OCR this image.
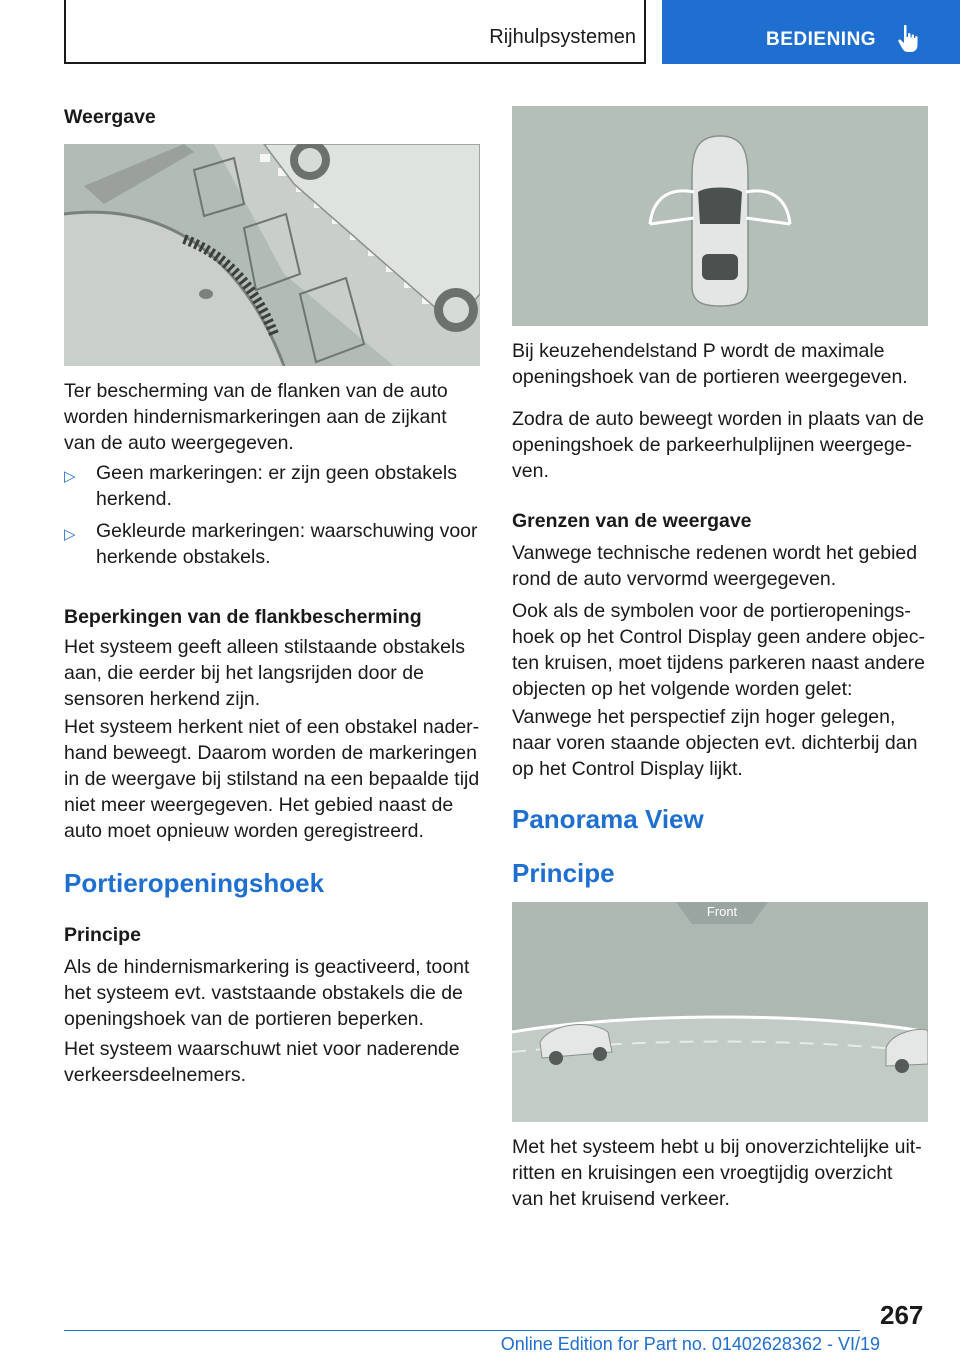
Rijhulpsystemen	BEDIENING
Weergave
Ter bescherming van de flanken van de auto worden hindernismarkeringen aan de zijkant van de auto weergegeven.
▷ Geen markeringen: er zijn geen obstakels herkend.
▷ Gekleurde markeringen: waarschuwing voor herkende obstakels.
Beperkingen van de flankbescherming
Het systeem geeft alleen stilstaande obstakels aan, die eerder bij het langsrijden door de sensoren herkend zijn.
Het systeem herkent niet of een obstakel naderhand beweegt. Daarom worden de markeringen in de weergave bij stilstand na een bepaalde tijd niet meer weergegeven. Het gebied naast de auto moet opnieuw worden geregistreerd.
Portieropeningshoek
Principe
Als de hindernismarkering is geactiveerd, toont het systeem evt. vaststaande obstakels die de openingshoek van de portieren beperken.
Het systeem waarschuwt niet voor naderende verkeersdeelnemers.
Bij keuzehendelstand P wordt de maximale openingshoek van de portieren weergegeven.
Zodra de auto beweegt worden in plaats van de openingshoek de parkeerhulplijnen weergegeven.
Grenzen van de weergave
Vanwege technische redenen wordt het gebied rond de auto vervormd weergegeven.
Ook als de symbolen voor de portieropeningshoek op het Control Display geen andere objecten kruisen, moet tijdens parkeren naast andere objecten op het volgende worden gelet:
Vanwege het perspectief zijn hoger gelegen, naar voren staande objecten evt. dichterbij dan op het Control Display lijkt.
Panorama View
Principe
Front
Met het systeem hebt u bij onoverzichtelijke uitritten en kruisingen een vroegtijdig overzicht van het kruisend verkeer.
267
Online Edition for Part no. 01402628362 - VI/19
